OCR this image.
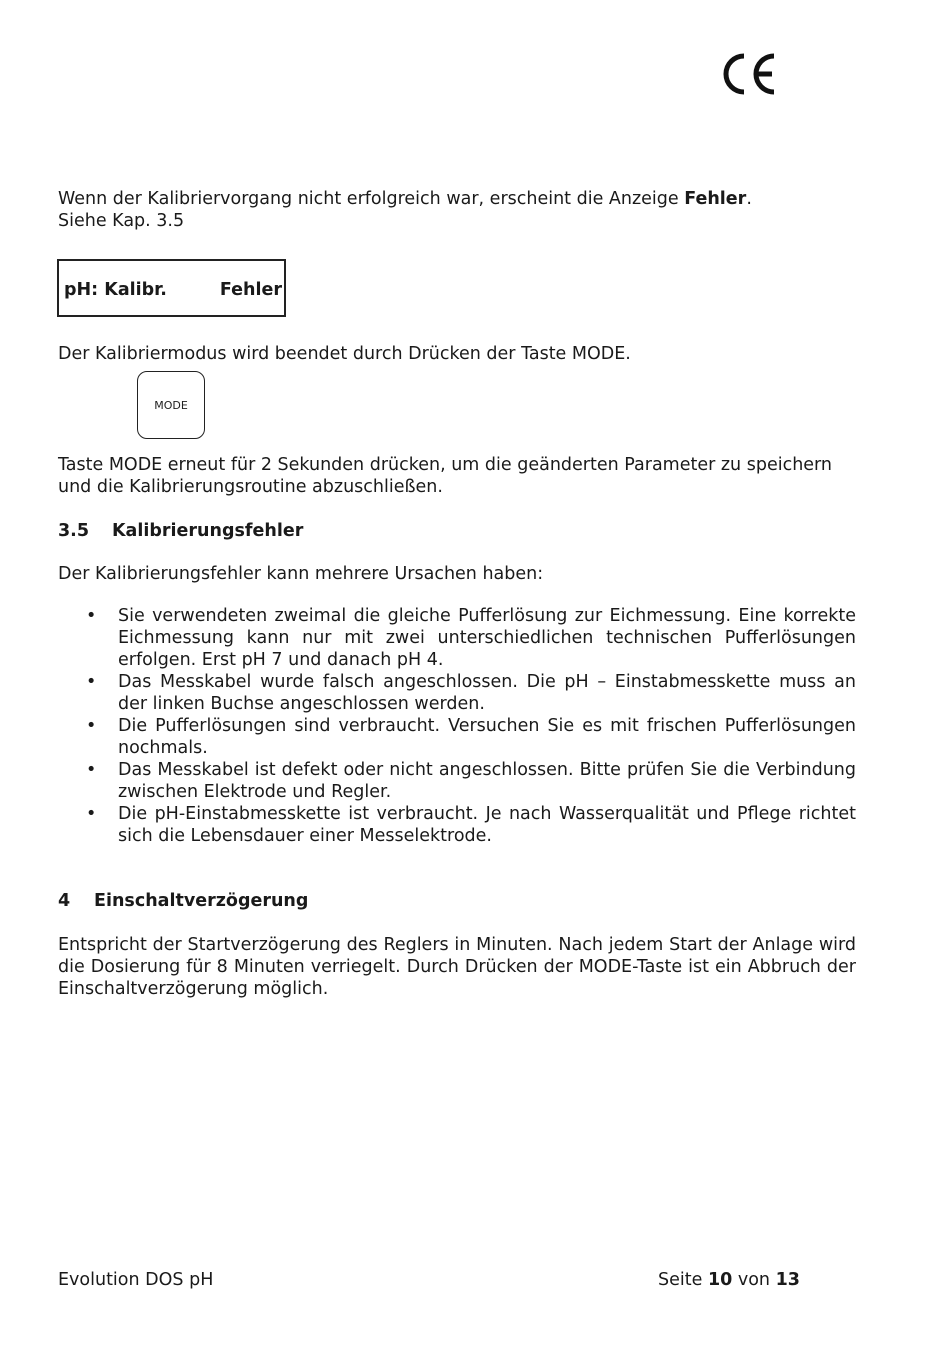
Wenn der Kalibriervorgang nicht erfolgreich war, erscheint die Anzeige Fehler.
Siehe Kap. 3.5
pH: Kalibr.	Fehler
Der Kalibriermodus wird beendet durch Drücken der Taste MODE.
MODE
Taste MODE erneut für 2 Sekunden drücken, um die geänderten Parameter zu speichern und die Kalibrierungsroutine abzuschließen.
3.5 Kalibrierungsfehler
Der Kalibrierungsfehler kann mehrere Ursachen haben:
• Sie verwendeten zweimal die gleiche Pufferlösung zur Eichmessung. Eine korrekte Eichmessung kann nur mit zwei unterschiedlichen technischen Pufferlösungen erfolgen. Erst pH 7 und danach pH 4.
• Das Messkabel wurde falsch angeschlossen. Die pH – Einstabmesskette muss an der linken Buchse angeschlossen werden.
• Die Pufferlösungen sind verbraucht. Versuchen Sie es mit frischen Pufferlösungen nochmals.
• Das Messkabel ist defekt oder nicht angeschlossen. Bitte prüfen Sie die Verbindung zwischen Elektrode und Regler.
• Die pH-Einstabmesskette ist verbraucht. Je nach Wasserqualität und Pflege richtet sich die Lebensdauer einer Messelektrode.
4 Einschaltverzögerung
Entspricht der Startverzögerung des Reglers in Minuten. Nach jedem Start der Anlage wird die Dosierung für 8 Minuten verriegelt. Durch Drücken der MODE-Taste ist ein Abbruch der Einschaltverzögerung möglich.
Evolution DOS pH	Seite 10 von 13
